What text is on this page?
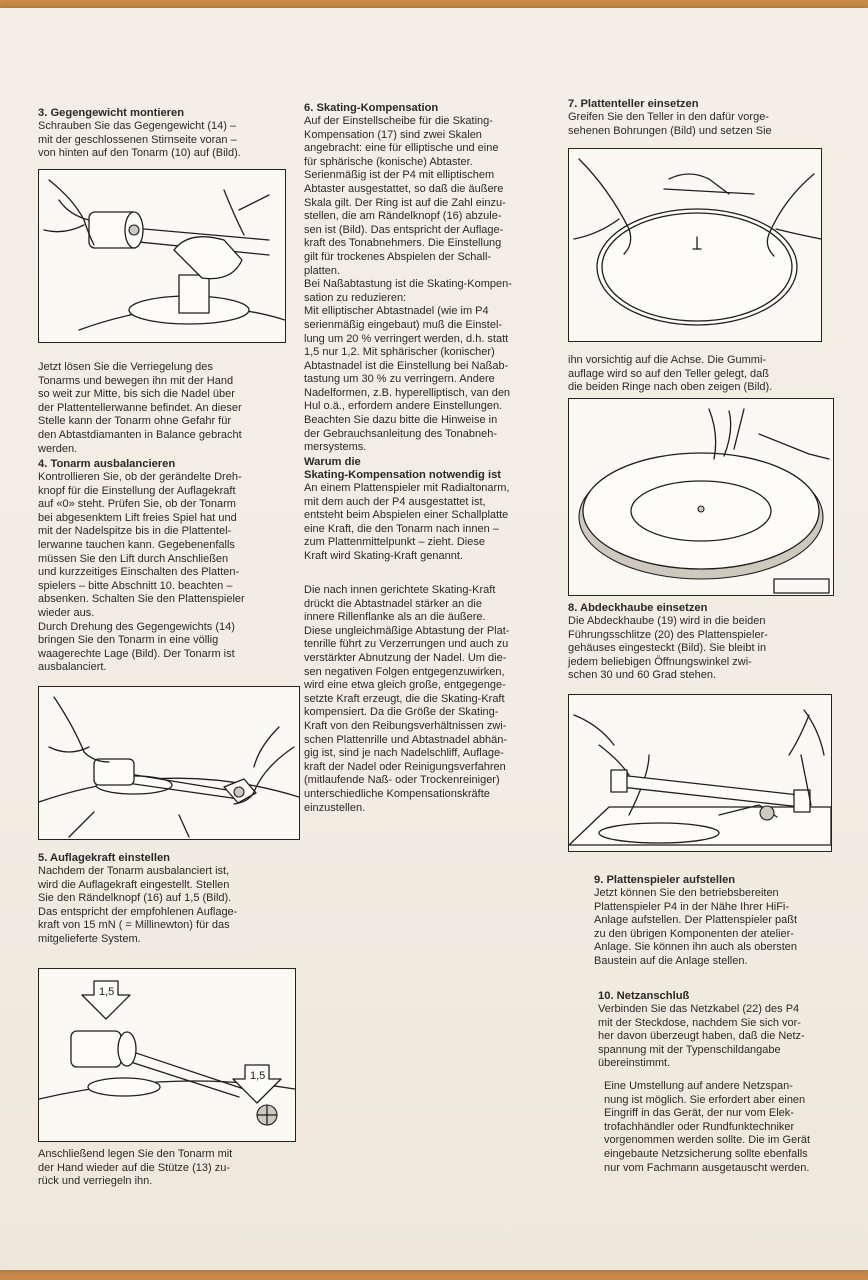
3. Gegengewicht montieren

Schrauben Sie das Gegengewicht (14) –
mit der geschlossenen Stirnseite voran –
von hinten auf den Tonarm (10) auf (Bild).

Jetzt lösen Sie die Verriegelung des
Tonarms und bewegen ihn mit der Hand
so weit zur Mitte, bis sich die Nadel über
der Plattentellerwanne befindet. An dieser
Stelle kann der Tonarm ohne Gefahr für
den Abtastdiamanten in Balance gebracht
werden.

4. Tonarm ausbalancieren

Kontrollieren Sie, ob der gerändelte Dreh-
knopf für die Einstellung der Auflagekraft
auf «0» steht. Prüfen Sie, ob der Tonarm
bei abgesenktem Lift freies Spiel hat und
mit der Nadelspitze bis in die Plattentel-
lerwanne tauchen kann. Gegebenenfalls
müssen Sie den Lift durch Anschließen
und kurzzeitiges Einschalten des Platten-
spielers – bitte Abschnitt 10. beachten –
absenken. Schalten Sie den Plattenspieler
wieder aus.
Durch Drehung des Gegengewichts (14)
bringen Sie den Tonarm in eine völlig
waagerechte Lage (Bild). Der Tonarm ist
ausbalanciert.

5. Auflagekraft einstellen

Nachdem der Tonarm ausbalanciert ist,
wird die Auflagekraft eingestellt. Stellen
Sie den Rändelknopf (16) auf 1,5 (Bild).
Das entspricht der empfohlenen Auflage-
kraft von 15 mN ( = Millinewton) für das
mitgelieferte System.

1,5
1,5

Anschließend legen Sie den Tonarm mit
der Hand wieder auf die Stütze (13) zu-
rück und verriegeln ihn.

6. Skating-Kompensation

Auf der Einstellscheibe für die Skating-
Kompensation (17) sind zwei Skalen
angebracht: eine für elliptische und eine
für sphärische (konische) Abtaster.
Serienmäßig ist der P4 mit elliptischem
Abtaster ausgestattet, so daß die äußere
Skala gilt. Der Ring ist auf die Zahl einzu-
stellen, die am Rändelknopf (16) abzule-
sen ist (Bild). Das entspricht der Auflage-
kraft des Tonabnehmers. Die Einstellung
gilt für trockenes Abspielen der Schall-
platten.
Bei Naßabtastung ist die Skating-Kompen-
sation zu reduzieren:
Mit elliptischer Abtastnadel (wie im P4
serienmäßig eingebaut) muß die Einstel-
lung um 20 % verringert werden, d.h. statt
1,5 nur 1,2. Mit sphärischer (konischer)
Abtastnadel ist die Einstellung bei Naßab-
tastung um 30 % zu verringern. Andere
Nadelformen, z.B. hyperelliptisch, van den
Hul o.ä., erfordern andere Einstellungen.
Beachten Sie dazu bitte die Hinweise in
der Gebrauchsanleitung des Tonabneh-
mersystems.

Warum die
Skating-Kompensation notwendig ist

An einem Plattenspieler mit Radialtonarm,
mit dem auch der P4 ausgestattet ist,
entsteht beim Abspielen einer Schallplatte
eine Kraft, die den Tonarm nach innen –
zum Plattenmittelpunkt – zieht. Diese
Kraft wird Skating-Kraft genannt.

Die nach innen gerichtete Skating-Kraft
drückt die Abtastnadel stärker an die
innere Rillenflanke als an die äußere.
Diese ungleichmäßige Abtastung der Plat-
tenrille führt zu Verzerrungen und auch zu
verstärkter Abnutzung der Nadel. Um die-
sen negativen Folgen entgegenzuwirken,
wird eine etwa gleich große, entgegenge-
setzte Kraft erzeugt, die die Skating-Kraft
kompensiert. Da die Größe der Skating-
Kraft von den Reibungsverhältnissen zwi-
schen Plattenrille und Abtastnadel abhän-
gig ist, sind je nach Nadelschliff, Auflage-
kraft der Nadel oder Reinigungsverfahren
(mitlaufende Naß- oder Trockenreiniger)
unterschiedliche Kompensationskräfte
einzustellen.

7. Plattenteller einsetzen

Greifen Sie den Teller in den dafür vorge-
sehenen Bohrungen (Bild) und setzen Sie

ihn vorsichtig auf die Achse. Die Gummi-
auflage wird so auf den Teller gelegt, daß
die beiden Ringe nach oben zeigen (Bild).

8. Abdeckhaube einsetzen

Die Abdeckhaube (19) wird in die beiden
Führungsschlitze (20) des Plattenspieler-
gehäuses eingesteckt (Bild). Sie bleibt in
jedem beliebigen Öffnungswinkel zwi-
schen 30 und 60 Grad stehen.

9. Plattenspieler aufstellen

Jetzt können Sie den betriebsbereiten
Plattenspieler P4 in der Nähe Ihrer HiFi-
Anlage aufstellen. Der Plattenspieler paßt
zu den übrigen Komponenten der atelier-
Anlage. Sie können ihn auch als obersten
Baustein auf die Anlage stellen.

10. Netzanschluß

Verbinden Sie das Netzkabel (22) des P4
mit der Steckdose, nachdem Sie sich vor-
her davon überzeugt haben, daß die Netz-
spannung mit der Typenschildangabe
übereinstimmt.

Eine Umstellung auf andere Netzspan-
nung ist möglich. Sie erfordert aber einen
Eingriff in das Gerät, der nur vom Elek-
trofachhändler oder Rundfunktechniker
vorgenommen werden sollte. Die im Gerät
eingebaute Netzsicherung sollte ebenfalls
nur vom Fachmann ausgetauscht werden.
